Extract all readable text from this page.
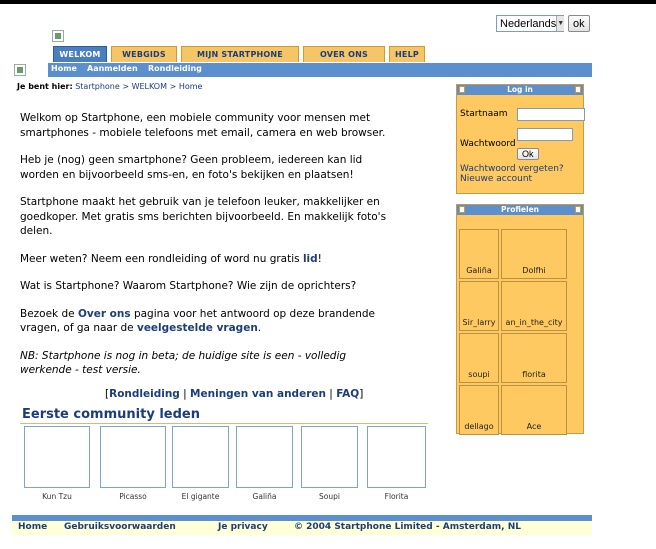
Nederlands ▼ ok
WELKOM	WEBGIDS	MIJN STARTPHONE	OVER ONS	HELP
Home Aanmelden Rondleiding
Je bent hier: Startphone > WELKOM > Home

Welkom op Startphone, een mobiele community voor mensen met smartphones - mobiele telefoons met email, camera en web browser.

Heb je (nog) geen smartphone? Geen probleem, iedereen kan lid worden en bijvoorbeeld sms-en, en foto's bekijken en plaatsen!

Startphone maakt het gebruik van je telefoon leuker, makkelijker en goedkoper. Met gratis sms berichten bijvoorbeeld. En makkelijk foto's delen.

Meer weten? Neem een rondleiding of word nu gratis lid!

Wat is Startphone? Waarom Startphone? Wie zijn de oprichters?

Bezoek de Over ons pagina voor het antwoord op deze brandende vragen, of ga naar de veelgestelde vragen.

NB: Startphone is nog in beta; de huidige site is een - volledig werkende - test versie.

[Rondleiding | Meningen van anderen | FAQ]
Eerste community leden
Kun Tzu	Picasso	El gigante	Galiña	Soupi	Florita
Log in
Startnaam
Wachtwoord
Ok
Wachtwoord vergeten?
Nieuwe account
Profielen
Galiña	Dolfhi
Sir_larry	an_in_the_city
soupi	florita
dellago	Ace
Home Gebruiksvoorwaarden	Je privacy	© 2004 Startphone Limited - Amsterdam, NL
